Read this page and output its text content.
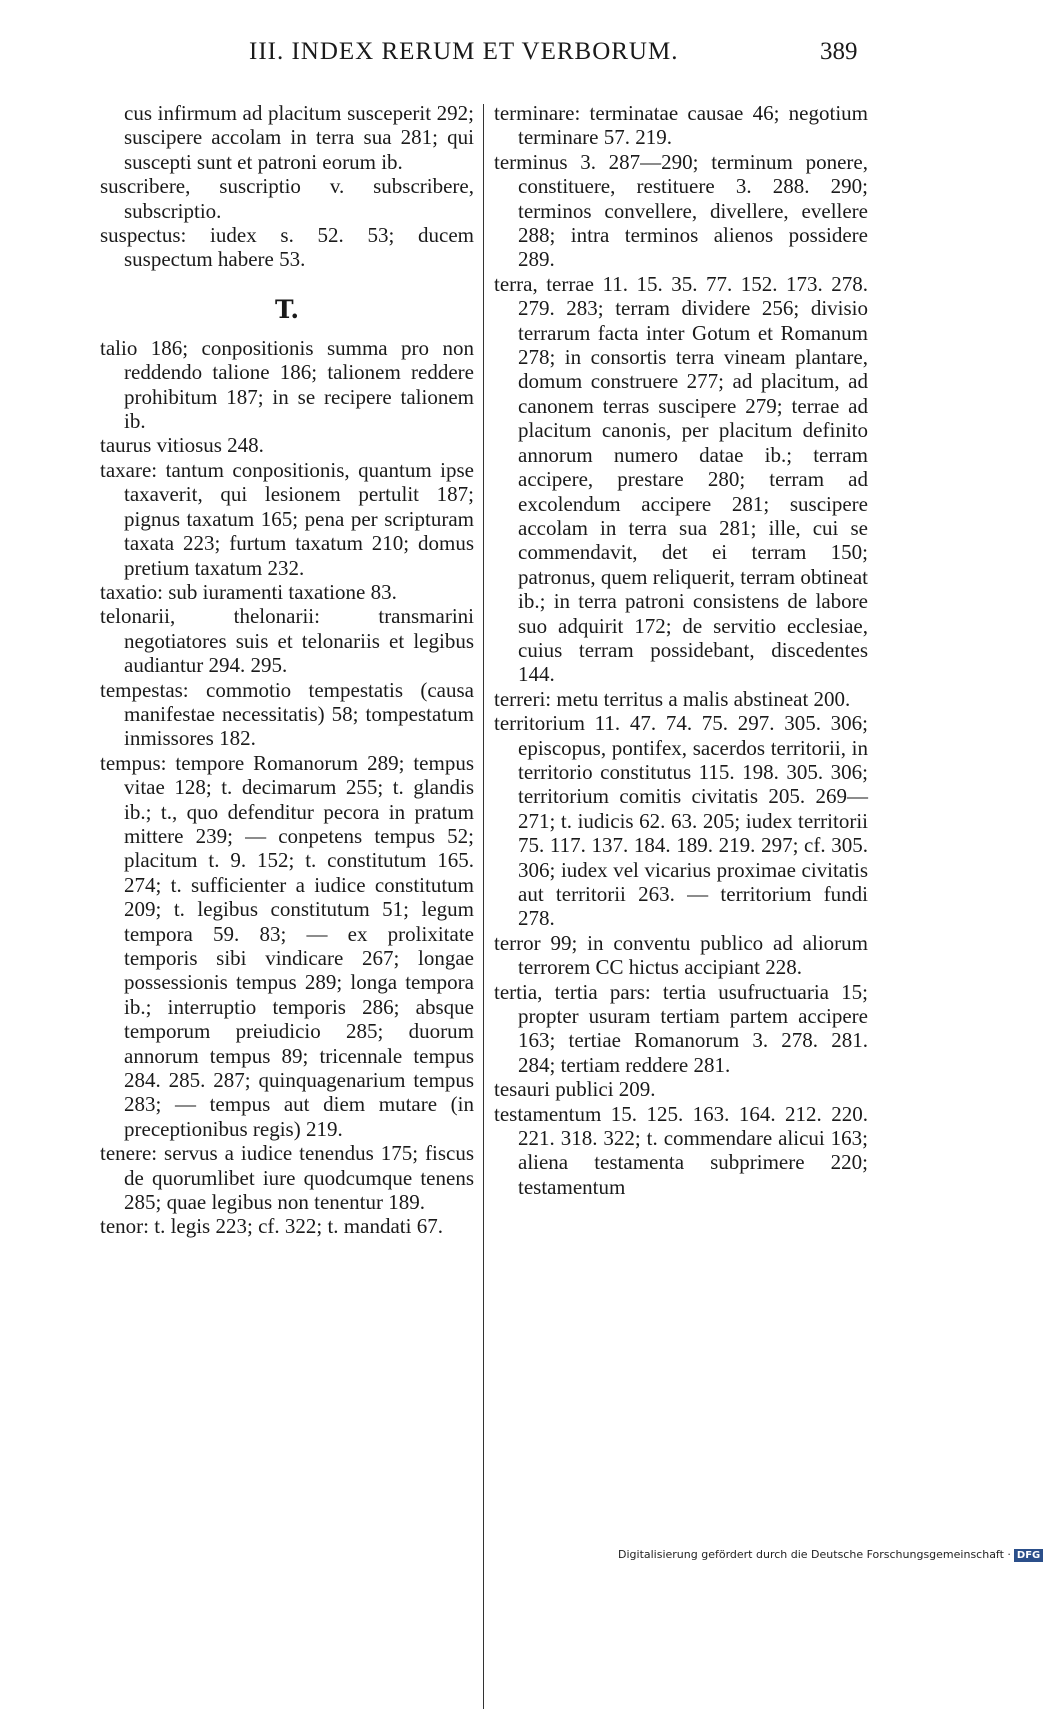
III. INDEX RERUM ET VERBORUM.	389

cus infirmum ad placitum susceperit 292; suscipere accolam in terra sua 281; qui suscepti sunt et patroni eorum ib.

suscribere, suscriptio v. subscribere, subscriptio.

suspectus: iudex s. 52. 53; ducem suspectum habere 53.

T.

talio 186; conpositionis summa pro non reddendo talione 186; talionem reddere prohibitum 187; in se recipere talionem ib.

taurus vitiosus 248.

taxare: tantum conpositionis, quantum ipse taxaverit, qui lesionem pertulit 187; pignus taxatum 165; pena per scripturam taxata 223; furtum taxatum 210; domus pretium taxatum 232.

taxatio: sub iuramenti taxatione 83.

telonarii, thelonarii: transmarini negotiatores suis et telonariis et legibus audiantur 294. 295.

tempestas: commotio tempestatis (causa manifestae necessitatis) 58; tompestatum inmissores 182.

tempus: tempore Romanorum 289; tempus vitae 128; t. decimarum 255; t. glandis ib.; t., quo defenditur pecora in pratum mittere 239; — conpetens tempus 52; placitum t. 9. 152; t. constitutum 165. 274; t. sufficienter a iudice constitutum 209; t. legibus constitutum 51; legum tempora 59. 83; — ex prolixitate temporis sibi vindicare 267; longae possessionis tempus 289; longa tempora ib.; interruptio temporis 286; absque temporum preiudicio 285; duorum annorum tempus 89; tricennale tempus 284. 285. 287; quinquagenarium tempus 283; — tempus aut diem mutare (in preceptionibus regis) 219.

tenere: servus a iudice tenendus 175; fiscus de quorumlibet iure quodcumque tenens 285; quae legibus non tenentur 189.

tenor: t. legis 223; cf. 322; t. mandati 67.

terminare: terminatae causae 46; negotium terminare 57. 219.

terminus 3. 287—290; terminum ponere, constituere, restituere 3. 288. 290; terminos convellere, divellere, evellere 288; intra terminos alienos possidere 289.

terra, terrae 11. 15. 35. 77. 152. 173. 278. 279. 283; terram dividere 256; divisio terrarum facta inter Gotum et Romanum 278; in consortis terra vineam plantare, domum construere 277; ad placitum, ad canonem terras suscipere 279; terrae ad placitum canonis, per placitum definito annorum numero datae ib.; terram accipere, prestare 280; terram ad excolendum accipere 281; suscipere accolam in terra sua 281; ille, cui se commendavit, det ei terram 150; patronus, quem reliquerit, terram obtineat ib.; in terra patroni consistens de labore suo adquirit 172; de servitio ecclesiae, cuius terram possidebant, discedentes 144.

terreri: metu territus a malis abstineat 200.

territorium 11. 47. 74. 75. 297. 305. 306; episcopus, pontifex, sacerdos territorii, in territorio constitutus 115. 198. 305. 306; territorium comitis civitatis 205. 269—271; t. iudicis 62. 63. 205; iudex territorii 75. 117. 137. 184. 189. 219. 297; cf. 305. 306; iudex vel vicarius proximae civitatis aut territorii 263. — territorium fundi 278.

terror 99; in conventu publico ad aliorum terrorem CC hictus accipiant 228.

tertia, tertia pars: tertia usufructuaria 15; propter usuram tertiam partem accipere 163; tertiae Romanorum 3. 278. 281. 284; tertiam reddere 281.

tesauri publici 209.

testamentum 15. 125. 163. 164. 212. 220. 221. 318. 322; t. commendare alicui 163; aliena testamenta subprimere 220; testamentum

Digitalisierung gefördert durch die Deutsche Forschungsgemeinschaft · DFG
